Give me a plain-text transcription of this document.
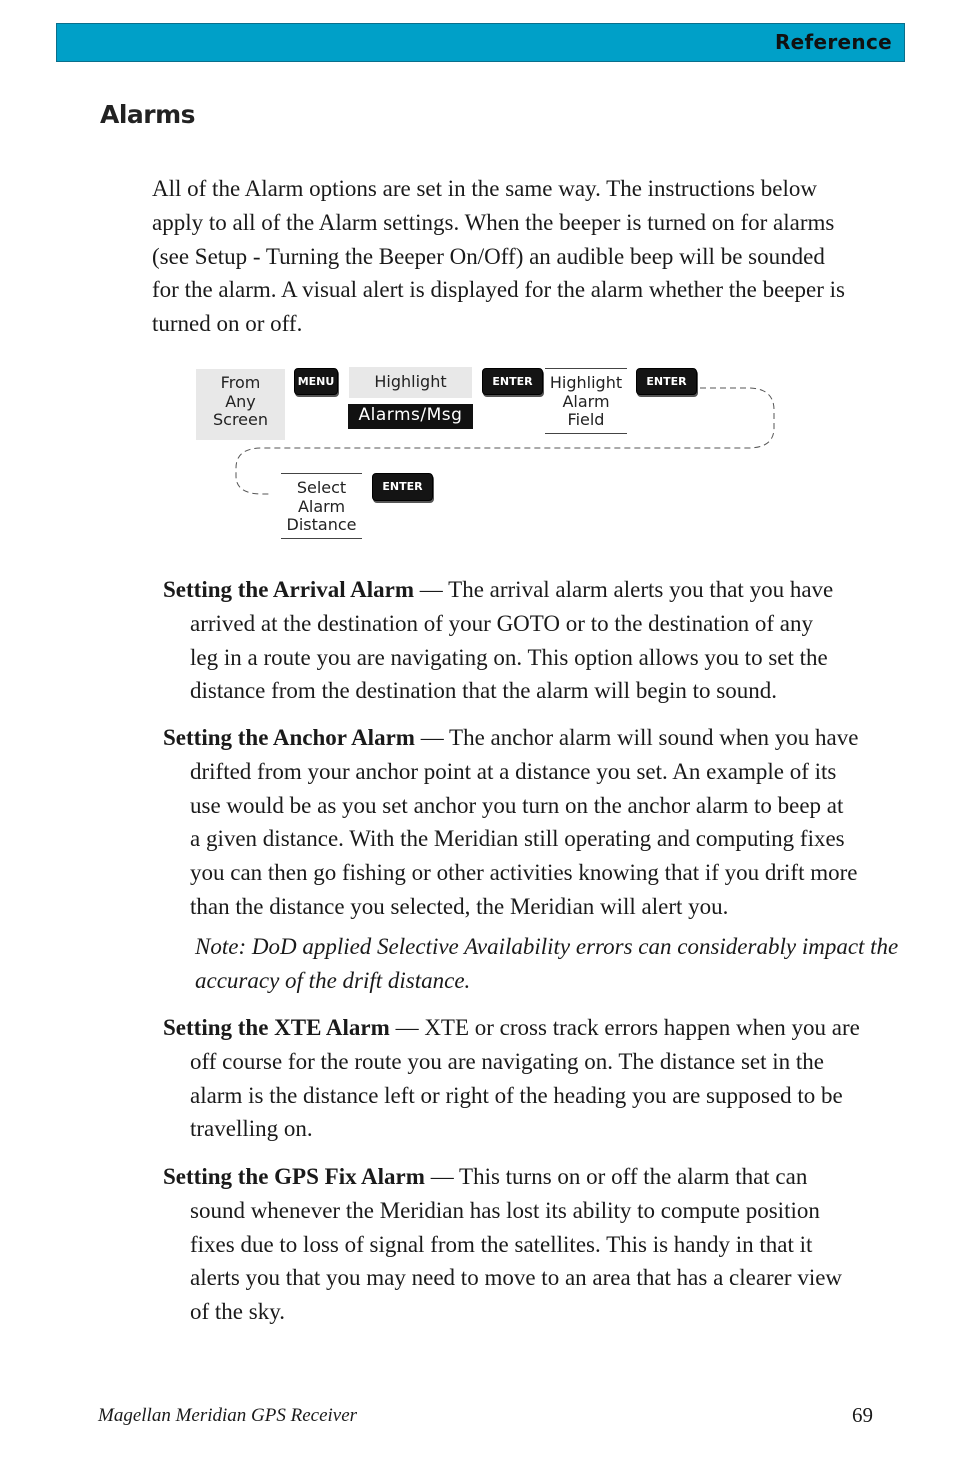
Reference
Alarms
All of the Alarm options are set in the same way. The instructions below
apply to all of the Alarm settings. When the beeper is turned on for alarms
(see Setup - Turning the Beeper On/Off) an audible beep will be sounded
for the alarm. A visual alert is displayed for the alarm whether the beeper is
turned on or off.
From
Any
Screen
MENU	Highlight
Alarms/Msg
ENTER	Highlight
Alarm
Field
ENTER
Select
Alarm
Distance
ENTER
Setting the Arrival Alarm — The arrival alarm alerts you that you have
arrived at the destination of your GOTO or to the destination of any
leg in a route you are navigating on. This option allows you to set the
distance from the destination that the alarm will begin to sound.
Setting the Anchor Alarm — The anchor alarm will sound when you have
drifted from your anchor point at a distance you set. An example of its
use would be as you set anchor you turn on the anchor alarm to beep at
a given distance. With the Meridian still operating and computing fixes
you can then go fishing or other activities knowing that if you drift more
than the distance you selected, the Meridian will alert you.
Note: DoD applied Selective Availability errors can considerably impact the
accuracy of the drift distance.
Setting the XTE Alarm — XTE or cross track errors happen when you are
off course for the route you are navigating on. The distance set in the
alarm is the distance left or right of the heading you are supposed to be
travelling on.
Setting the GPS Fix Alarm — This turns on or off the alarm that can
sound whenever the Meridian has lost its ability to compute position
fixes due to loss of signal from the satellites. This is handy in that it
alerts you that you may need to move to an area that has a clearer view
of the sky.
Magellan Meridian GPS Receiver	69
